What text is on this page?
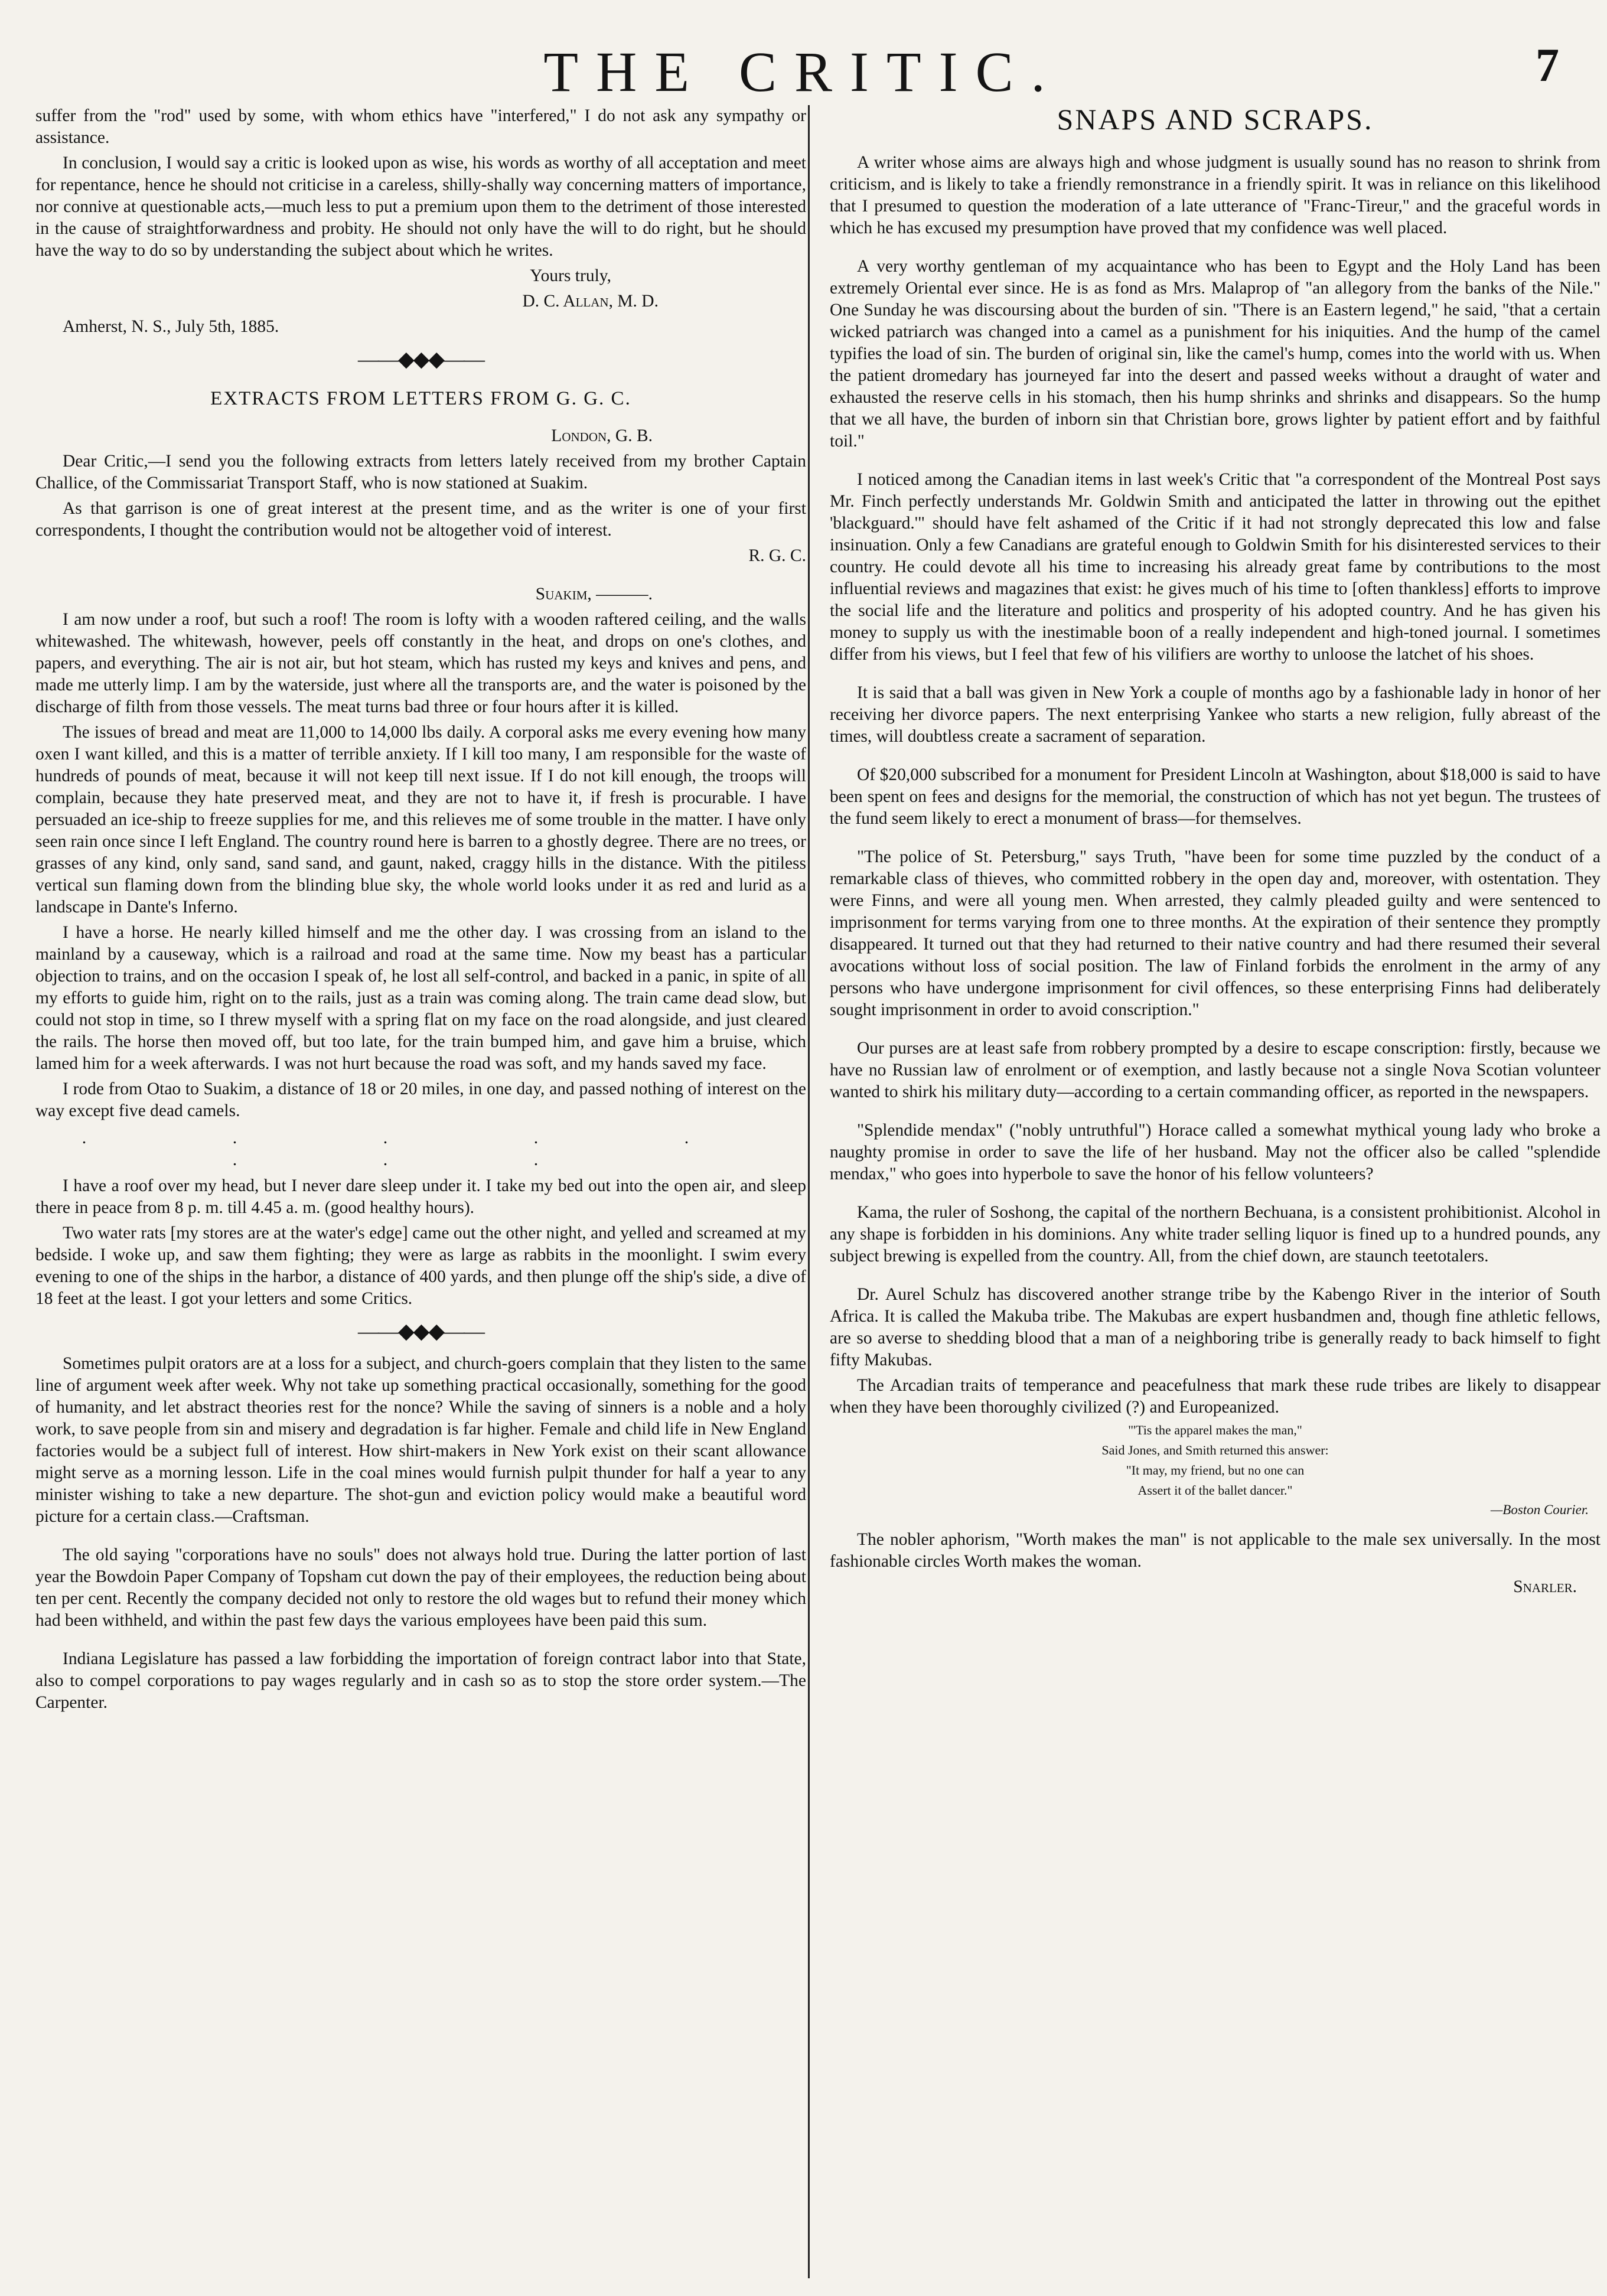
THE CRITIC.	7

suffer from the "rod" used by some, with whom ethics have "interfered," I do not ask any sympathy or assistance.

In conclusion, I would say a critic is looked upon as wise, his words as worthy of all acceptation and meet for repentance, hence he should not criticise in a careless, shilly-shally way concerning matters of importance, nor connive at questionable acts,—much less to put a premium upon them to the detriment of those interested in the cause of straightforwardness and probity. He should not only have the will to do right, but he should have the way to do so by understanding the subject about which he writes.

Yours truly,

D. C. Allan, M. D.

Amherst, N. S., July 5th, 1885.

——◆◆◆——
EXTRACTS FROM LETTERS FROM G. G. C.

London, G. B.

Dear Critic,—I send you the following extracts from letters lately received from my brother Captain Challice, of the Commissariat Transport Staff, who is now stationed at Suakim.

As that garrison is one of great interest at the present time, and as the writer is one of your first correspondents, I thought the contribution would not be altogether void of interest.

R. G. C.

Suakim, ———.

I am now under a roof, but such a roof! The room is lofty with a wooden raftered ceiling, and the walls whitewashed. The whitewash, however, peels off constantly in the heat, and drops on one's clothes, and papers, and everything. The air is not air, but hot steam, which has rusted my keys and knives and pens, and made me utterly limp. I am by the waterside, just where all the transports are, and the water is poisoned by the discharge of filth from those vessels. The meat turns bad three or four hours after it is killed.

The issues of bread and meat are 11,000 to 14,000 lbs daily. A corporal asks me every evening how many oxen I want killed, and this is a matter of terrible anxiety. If I kill too many, I am responsible for the waste of hundreds of pounds of meat, because it will not keep till next issue. If I do not kill enough, the troops will complain, because they hate preserved meat, and they are not to have it, if fresh is procurable. I have persuaded an ice-ship to freeze supplies for me, and this relieves me of some trouble in the matter. I have only seen rain once since I left England. The country round here is barren to a ghostly degree. There are no trees, or grasses of any kind, only sand, sand sand, and gaunt, naked, craggy hills in the distance. With the pitiless vertical sun flaming down from the blinding blue sky, the whole world looks under it as red and lurid as a landscape in Dante's Inferno.

I have a horse. He nearly killed himself and me the other day. I was crossing from an island to the mainland by a causeway, which is a railroad and road at the same time. Now my beast has a particular objection to trains, and on the occasion I speak of, he lost all self-control, and backed in a panic, in spite of all my efforts to guide him, right on to the rails, just as a train was coming along. The train came dead slow, but could not stop in time, so I threw myself with a spring flat on my face on the road alongside, and just cleared the rails. The horse then moved off, but too late, for the train bumped him, and gave him a bruise, which lamed him for a week afterwards. I was not hurt because the road was soft, and my hands saved my face.

I rode from Otao to Suakim, a distance of 18 or 20 miles, in one day, and passed nothing of interest on the way except five dead camels.

. . . . . . . .

I have a roof over my head, but I never dare sleep under it. I take my bed out into the open air, and sleep there in peace from 8 p. m. till 4.45 a. m. (good healthy hours).

Two water rats [my stores are at the water's edge] came out the other night, and yelled and screamed at my bedside. I woke up, and saw them fighting; they were as large as rabbits in the moonlight. I swim every evening to one of the ships in the harbor, a distance of 400 yards, and then plunge off the ship's side, a dive of 18 feet at the least. I got your letters and some Critics.

——◆◆◆——

Sometimes pulpit orators are at a loss for a subject, and church-goers complain that they listen to the same line of argument week after week. Why not take up something practical occasionally, something for the good of humanity, and let abstract theories rest for the nonce? While the saving of sinners is a noble and a holy work, to save people from sin and misery and degradation is far higher. Female and child life in New England factories would be a subject full of interest. How shirt-makers in New York exist on their scant allowance might serve as a morning lesson. Life in the coal mines would furnish pulpit thunder for half a year to any minister wishing to take a new departure. The shot-gun and eviction policy would make a beautiful word picture for a certain class.—Craftsman.

The old saying "corporations have no souls" does not always hold true. During the latter portion of last year the Bowdoin Paper Company of Topsham cut down the pay of their employees, the reduction being about ten per cent. Recently the company decided not only to restore the old wages but to refund their money which had been withheld, and within the past few days the various employees have been paid this sum.

Indiana Legislature has passed a law forbidding the importation of foreign contract labor into that State, also to compel corporations to pay wages regularly and in cash so as to stop the store order system.—The Carpenter.

SNAPS AND SCRAPS.

A writer whose aims are always high and whose judgment is usually sound has no reason to shrink from criticism, and is likely to take a friendly remonstrance in a friendly spirit. It was in reliance on this likelihood that I presumed to question the moderation of a late utterance of "Franc-Tireur," and the graceful words in which he has excused my presumption have proved that my confidence was well placed.

A very worthy gentleman of my acquaintance who has been to Egypt and the Holy Land has been extremely Oriental ever since. He is as fond as Mrs. Malaprop of "an allegory from the banks of the Nile." One Sunday he was discoursing about the burden of sin. "There is an Eastern legend," he said, "that a certain wicked patriarch was changed into a camel as a punishment for his iniquities. And the hump of the camel typifies the load of sin. The burden of original sin, like the camel's hump, comes into the world with us. When the patient dromedary has journeyed far into the desert and passed weeks without a draught of water and exhausted the reserve cells in his stomach, then his hump shrinks and shrinks and disappears. So the hump that we all have, the burden of inborn sin that Christian bore, grows lighter by patient effort and by faithful toil."

I noticed among the Canadian items in last week's Critic that "a correspondent of the Montreal Post says Mr. Finch perfectly understands Mr. Goldwin Smith and anticipated the latter in throwing out the epithet 'blackguard.'" should have felt ashamed of the Critic if it had not strongly deprecated this low and false insinuation. Only a few Canadians are grateful enough to Goldwin Smith for his disinterested services to their country. He could devote all his time to increasing his already great fame by contributions to the most influential reviews and magazines that exist: he gives much of his time to [often thankless] efforts to improve the social life and the literature and politics and prosperity of his adopted country. And he has given his money to supply us with the inestimable boon of a really independent and high-toned journal. I sometimes differ from his views, but I feel that few of his vilifiers are worthy to unloose the latchet of his shoes.

It is said that a ball was given in New York a couple of months ago by a fashionable lady in honor of her receiving her divorce papers. The next enterprising Yankee who starts a new religion, fully abreast of the times, will doubtless create a sacrament of separation.

Of $20,000 subscribed for a monument for President Lincoln at Washington, about $18,000 is said to have been spent on fees and designs for the memorial, the construction of which has not yet begun. The trustees of the fund seem likely to erect a monument of brass—for themselves.

"The police of St. Petersburg," says Truth, "have been for some time puzzled by the conduct of a remarkable class of thieves, who committed robbery in the open day and, moreover, with ostentation. They were Finns, and were all young men. When arrested, they calmly pleaded guilty and were sentenced to imprisonment for terms varying from one to three months. At the expiration of their sentence they promptly disappeared. It turned out that they had returned to their native country and had there resumed their several avocations without loss of social position. The law of Finland forbids the enrolment in the army of any persons who have undergone imprisonment for civil offences, so these enterprising Finns had deliberately sought imprisonment in order to avoid conscription."

Our purses are at least safe from robbery prompted by a desire to escape conscription: firstly, because we have no Russian law of enrolment or of exemption, and lastly because not a single Nova Scotian volunteer wanted to shirk his military duty—according to a certain commanding officer, as reported in the newspapers.

"Splendide mendax" ("nobly untruthful") Horace called a somewhat mythical young lady who broke a naughty promise in order to save the life of her husband. May not the officer also be called "splendide mendax," who goes into hyperbole to save the honor of his fellow volunteers?

Kama, the ruler of Soshong, the capital of the northern Bechuana, is a consistent prohibitionist. Alcohol in any shape is forbidden in his dominions. Any white trader selling liquor is fined up to a hundred pounds, any subject brewing is expelled from the country. All, from the chief down, are staunch teetotalers.

Dr. Aurel Schulz has discovered another strange tribe by the Kabengo River in the interior of South Africa. It is called the Makuba tribe. The Makubas are expert husbandmen and, though fine athletic fellows, are so averse to shedding blood that a man of a neighboring tribe is generally ready to back himself to fight fifty Makubas.

The Arcadian traits of temperance and peacefulness that mark these rude tribes are likely to disappear when they have been thoroughly civilized (?) and Europeanized.

"'Tis the apparel makes the man,"
Said Jones, and Smith returned this answer:
"It may, my friend, but no one can
Assert it of the ballet dancer."
—Boston Courier.

The nobler aphorism, "Worth makes the man" is not applicable to the male sex universally. In the most fashionable circles Worth makes the woman.

Snarler.
